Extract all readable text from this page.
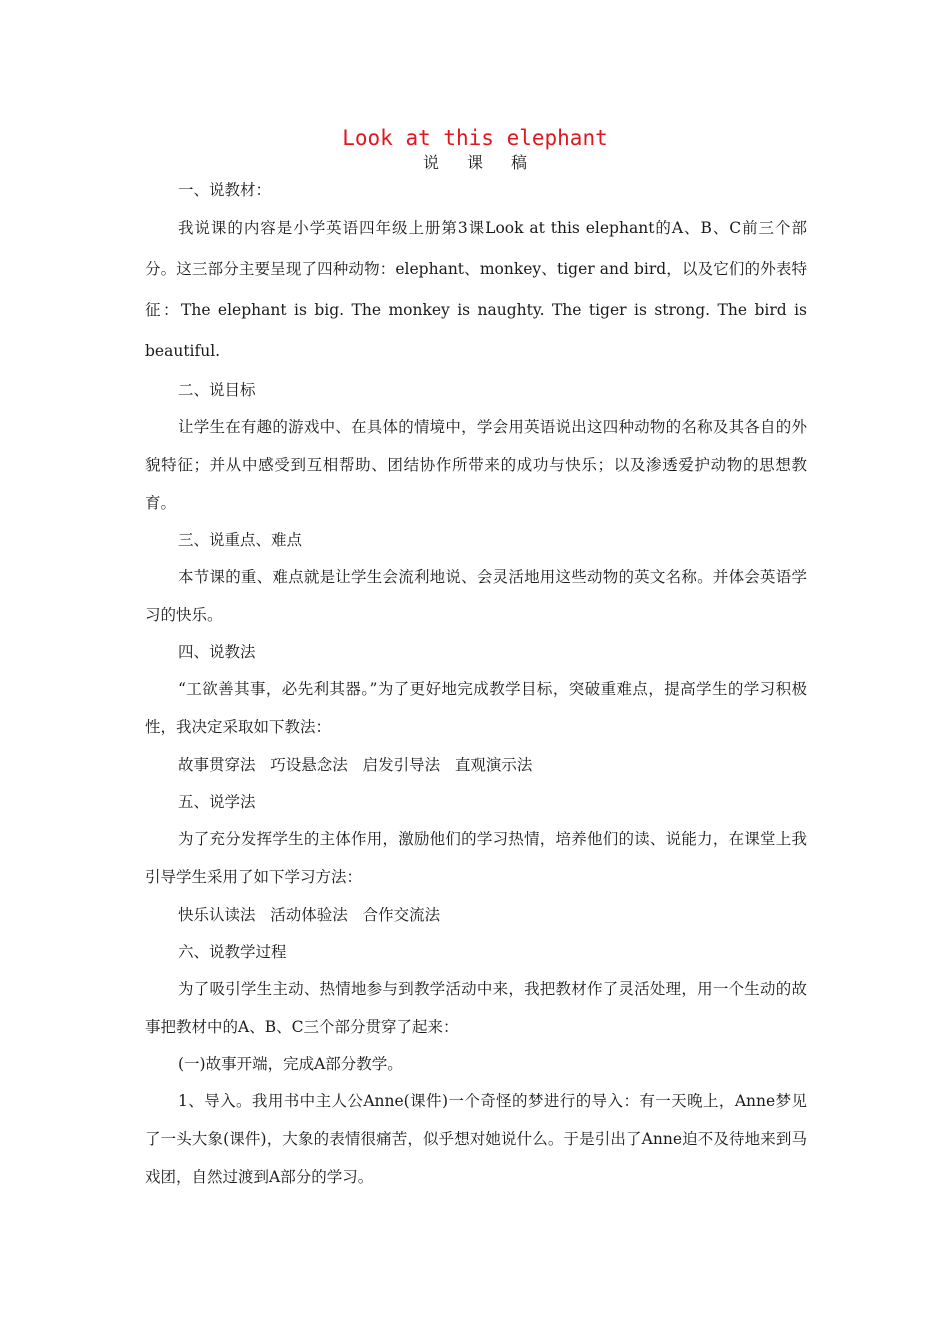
Look at this elephant
说课稿

一、说教材：

我说课的内容是小学英语四年级上册第3课Look at this elephant的A、B、C前三个部分。这三部分主要呈现了四种动物：elephant、monkey、tiger and bird，以及它们的外表特征：The elephant is big. The monkey is naughty. The tiger is strong. The bird is beautiful.

二、说目标

让学生在有趣的游戏中、在具体的情境中，学会用英语说出这四种动物的名称及其各自的外貌特征；并从中感受到互相帮助、团结协作所带来的成功与快乐；以及渗透爱护动物的思想教育。

三、说重点、难点

本节课的重、难点就是让学生会流利地说、会灵活地用这些动物的英文名称。并体会英语学习的快乐。

四、说教法

“工欲善其事，必先利其器。”为了更好地完成教学目标，突破重难点，提高学生的学习积极性，我决定采取如下教法：

故事贯穿法   巧设悬念法   启发引导法   直观演示法

五、说学法

为了充分发挥学生的主体作用，激励他们的学习热情，培养他们的读、说能力，在课堂上我引导学生采用了如下学习方法：

快乐认读法   活动体验法   合作交流法

六、说教学过程

为了吸引学生主动、热情地参与到教学活动中来，我把教材作了灵活处理，用一个生动的故事把教材中的A、B、C三个部分贯穿了起来：

(一)故事开端，完成A部分教学。

1、导入。我用书中主人公Anne(课件)一个奇怪的梦进行的导入：有一天晚上，Anne梦见了一头大象(课件)，大象的表情很痛苦，似乎想对她说什么。于是引出了Anne迫不及待地来到马戏团，自然过渡到A部分的学习。
